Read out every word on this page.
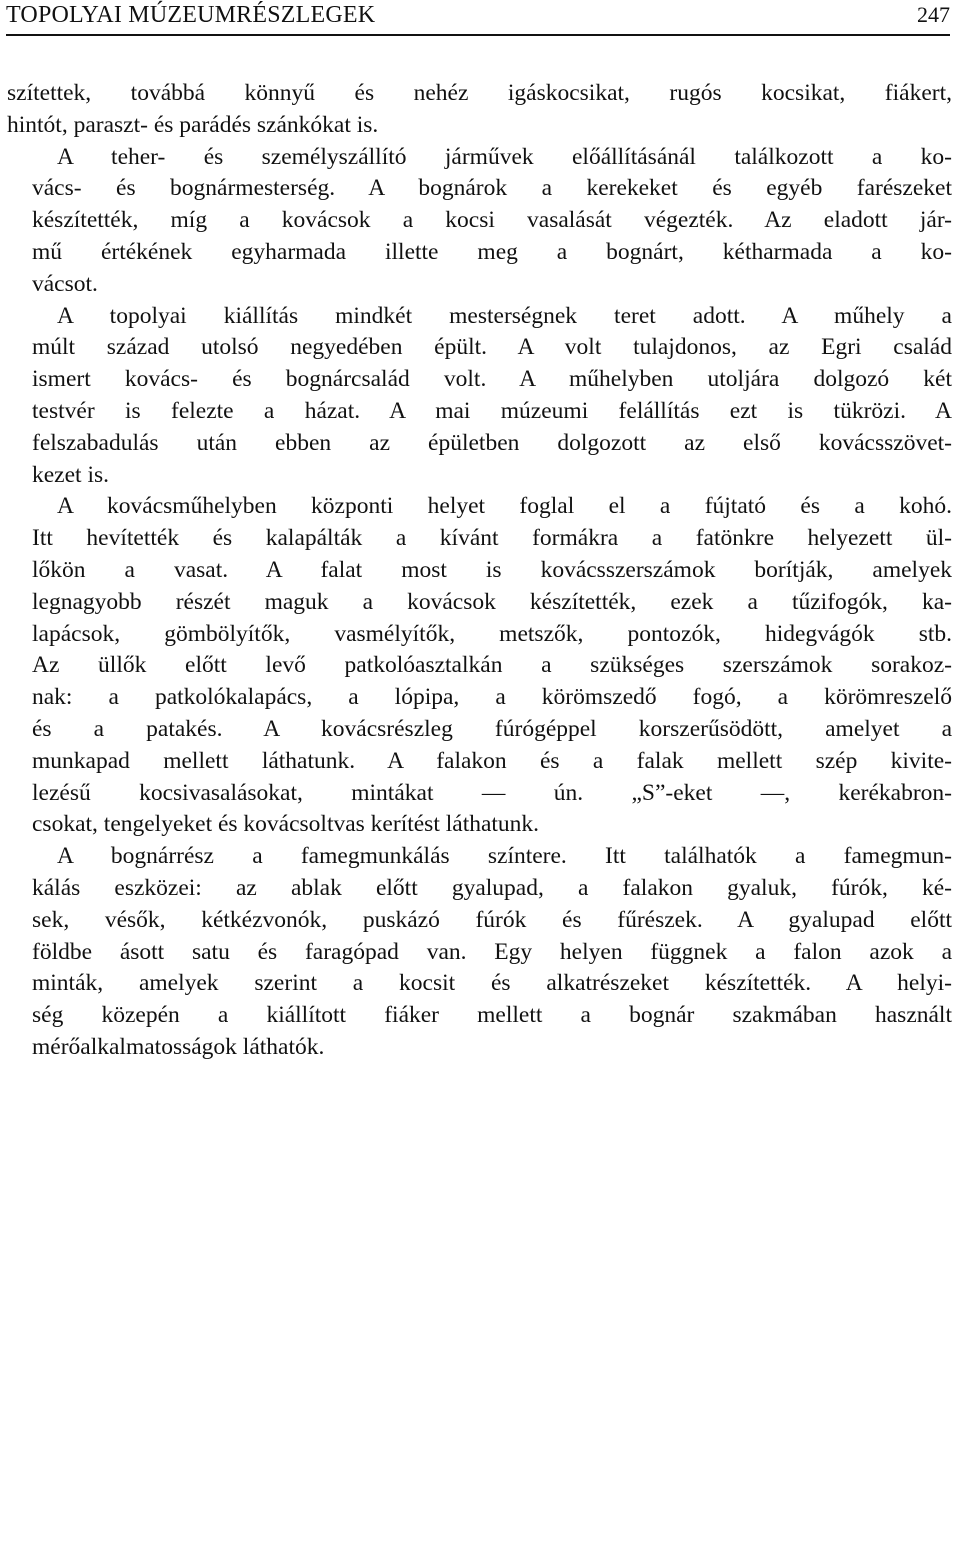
TOPOLYAI MÚZEUMRÉSZLEGEK	247

szítettek, továbbá könnyű és nehéz igáskocsikat, rugós kocsikat, fiákert,
hintót, paraszt- és parádés szánkókat is.

A teher- és személyszállító járművek előállításánál találkozott a ko-
vács- és bognármesterség. A bognárok a kerekeket és egyéb farészeket
készítették, míg a kovácsok a kocsi vasalását végezték. Az eladott jár-
mű értékének egyharmada illette meg a bognárt, kétharmada a ko-
vácsot.

A topolyai kiállítás mindkét mesterségnek teret adott. A műhely a
múlt század utolsó negyedében épült. A volt tulajdonos, az Egri család
ismert kovács- és bognárcsalád volt. A műhelyben utoljára dolgozó két
testvér is felezte a házat. A mai múzeumi felállítás ezt is tükrözi. A
felszabadulás után ebben az épületben dolgozott az első kovácsszövet-
kezet is.

A kovácsműhelyben központi helyet foglal el a fújtató és a kohó.
Itt hevítették és kalapálták a kívánt formákra a fatönkre helyezett ül-
lőkön a vasat. A falat most is kovácsszerszámok borítják, amelyek
legnagyobb részét maguk a kovácsok készítették, ezek a tűzifogók, ka-
lapácsok, gömbölyítők, vasmélyítők, metszők, pontozók, hidegvágók stb.
Az üllők előtt levő patkolóasztalkán a szükséges szerszámok sorakoz-
nak: a patkolókalapács, a lópipa, a körömszedő fogó, a körömreszelő
és a patakés. A kovácsrészleg fúrógéppel korszerűsödött, amelyet a
munkapad mellett láthatunk. A falakon és a falak mellett szép kivite-
lezésű kocsivasalásokat, mintákat — ún. „S”-eket —, kerékabron-
csokat, tengelyeket és kovácsoltvas kerítést láthatunk.

A bognárrész a famegmunkálás színtere. Itt találhatók a famegmun-
kálás eszközei: az ablak előtt gyalupad, a falakon gyaluk, fúrók, ké-
sek, vésők, kétkézvonók, puskázó fúrók és fűrészek. A gyalupad előtt
földbe ásott satu és faragópad van. Egy helyen függnek a falon azok a
minták, amelyek szerint a kocsit és alkatrészeket készítették. A helyi-
ség közepén a kiállított fiáker mellett a bognár szakmában használt
mérőalkalmatosságok láthatók.
